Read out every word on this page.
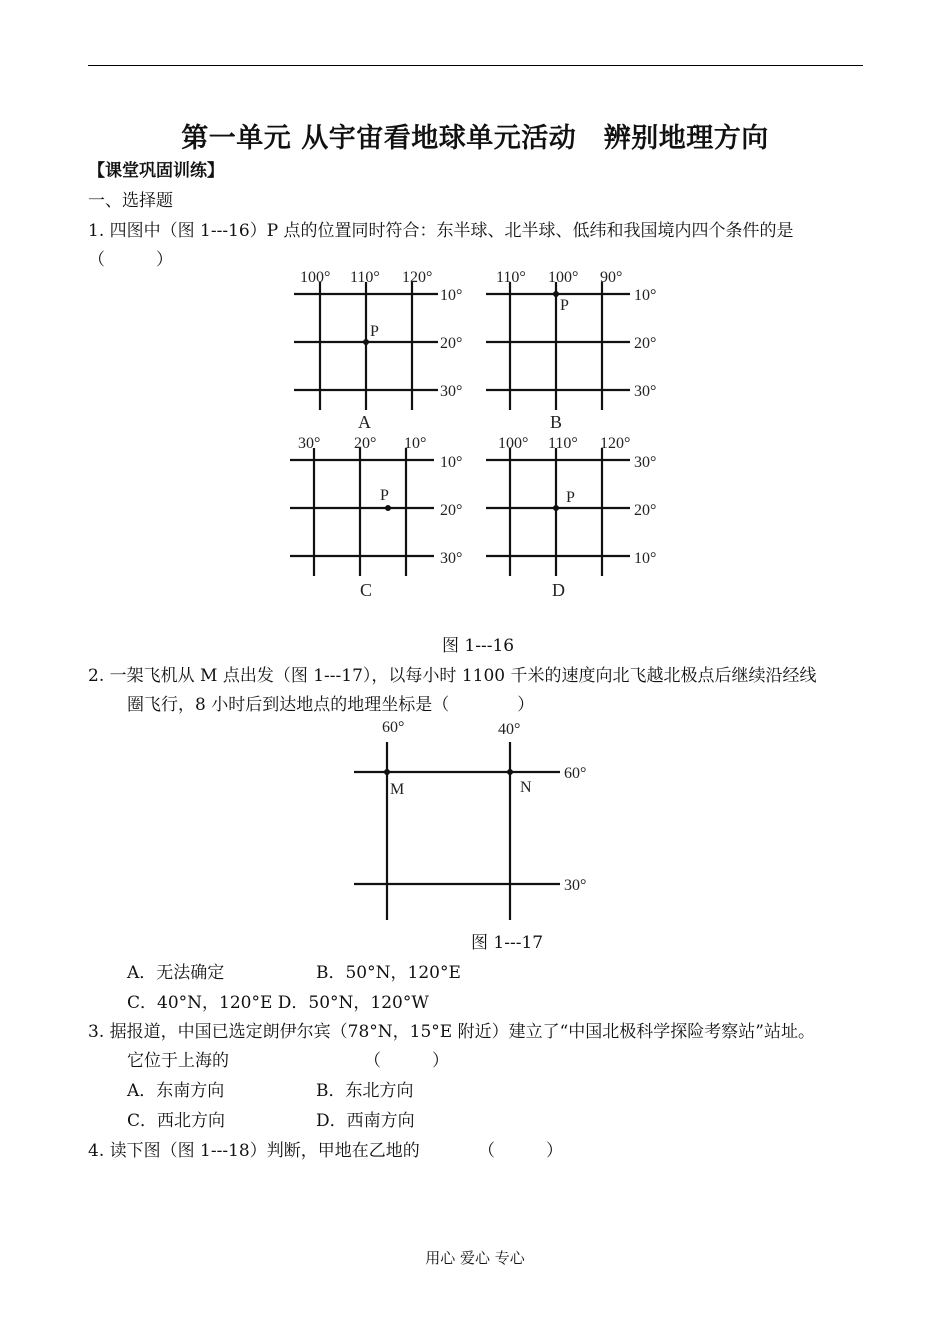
第一单元 从宇宙看地球单元活动　辨别地理方向
【课堂巩固训练】
一、选择题
1. 四图中（图 1---16）P 点的位置同时符合：东半球、北半球、低纬和我国境内四个条件的是
（　　　）
100° 110° 120°
10°
20°
30°
P
A
110° 100° 90°
10°
20°
30°
P
B
30° 20° 10°
10°
20°
30°
P
C
100° 110° 120°
30°
20°
10°
P
D
图 1---16
2. 一架飞机从 M 点出发（图 1---17），以每小时 1100 千米的速度向北飞越北极点后继续沿经线
圈飞行，8 小时后到达地点的地理坐标是（　　　　）
60°	40°
60°
30°
M	N
图 1---17
A．无法确定	B．50°N，120°E
C．40°N，120°E D．50°N，120°W
3. 据报道，中国已选定朗伊尔宾（78°N，15°E 附近）建立了“中国北极科学探险考察站”站址。
它位于上海的	（　　　）
A．东南方向	B．东北方向
C．西北方向	D．西南方向
4. 读下图（图 1---18）判断，甲地在乙地的	（　　　）
用心 爱心 专心
